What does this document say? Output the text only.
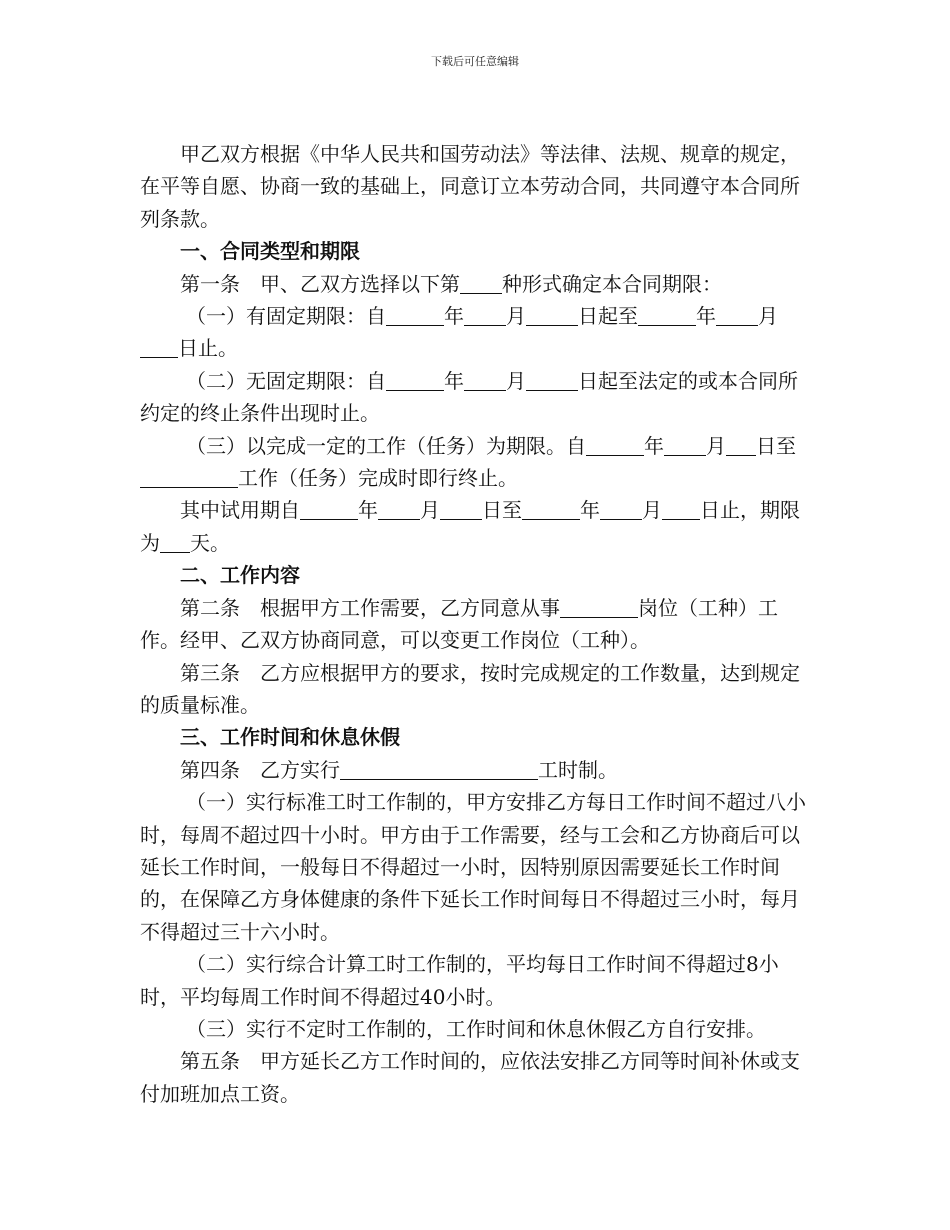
下载后可任意编辑

甲乙双方根据《中华人民共和国劳动法》等法律、法规、规章的规定，在平等自愿、协商一致的基础上，同意订立本劳动合同，共同遵守本合同所列条款。

一、合同类型和期限

第一条　甲、乙双方选择以下第 种形式确定本合同期限：

（一）有固定期限：自	年 月	日起至	年 月日止。

（二）无固定期限：自	年 月	日起至法定的或本合同所约定的终止条件出现时止。

（三）以完成一定的工作（任务）为期限。自	年 月 日至工作（任务）完成时即行终止。

其中试用期自	年 月 日至	年 月 日止，期限为 天。

二、工作内容

第二条　根据甲方工作需要，乙方同意从事	岗位（工种）工作。经甲、乙双方协商同意，可以变更工作岗位（工种）。

第三条　乙方应根据甲方的要求，按时完成规定的工作数量，达到规定的质量标准。

三、工作时间和休息休假

第四条　乙方实行	工时制。

（一）实行标准工时工作制的，甲方安排乙方每日工作时间不超过八小时，每周不超过四十小时。甲方由于工作需要，经与工会和乙方协商后可以延长工作时间，一般每日不得超过一小时，因特别原因需要延长工作时间的，在保障乙方身体健康的条件下延长工作时间每日不得超过三小时，每月不得超过三十六小时。

（二）实行综合计算工时工作制的，平均每日工作时间不得超过8小时，平均每周工作时间不得超过40小时。

（三）实行不定时工作制的，工作时间和休息休假乙方自行安排。

第五条　甲方延长乙方工作时间的，应依法安排乙方同等时间补休或支付加班加点工资。
